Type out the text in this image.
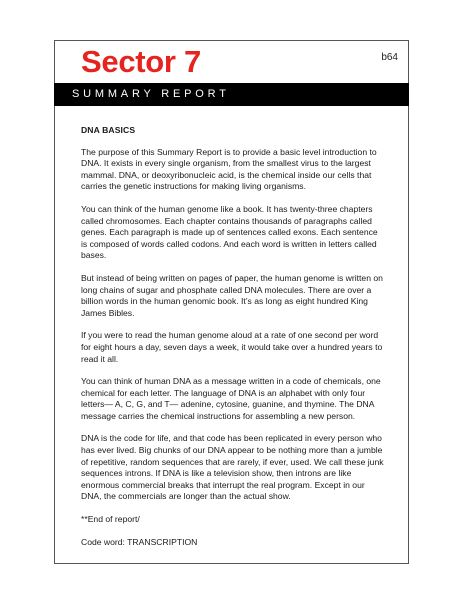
Sector 7	b64
SUMMARY REPORT
DNA BASICS

The purpose of this Summary Report is to provide a basic level introduction to DNA. It exists in every single organism, from the smallest virus to the largest mammal. DNA, or deoxyribonucleic acid, is the chemical inside our cells that carries the genetic instructions for making living organisms.

You can think of the human genome like a book. It has twenty-three chapters called chromosomes. Each chapter contains thousands of paragraphs called genes. Each paragraph is made up of sentences called exons. Each sentence is composed of words called codons. And each word is written in letters called bases.

But instead of being written on pages of paper, the human genome is written on long chains of sugar and phosphate called DNA molecules. There are over a billion words in the human genomic book. It’s as long as eight hundred King James Bibles.

If you were to read the human genome aloud at a rate of one second per word for eight hours a day, seven days a week, it would take over a hundred years to read it all.

You can think of human DNA as a message written in a code of chemicals, one chemical for each letter. The language of DNA is an alphabet with only four letters— A, C, G, and T— adenine, cytosine, guanine, and thymine. The DNA message carries the chemical instructions for assembling a new person.

DNA is the code for life, and that code has been replicated in every person who has ever lived. Big chunks of our DNA appear to be nothing more than a jumble of repetitive, random sequences that are rarely, if ever, used. We call these junk sequences introns. If DNA is like a television show, then introns are like enormous commercial breaks that interrupt the real program. Except in our DNA, the commercials are longer than the actual show.

**End of report/

Code word: TRANSCRIPTION
